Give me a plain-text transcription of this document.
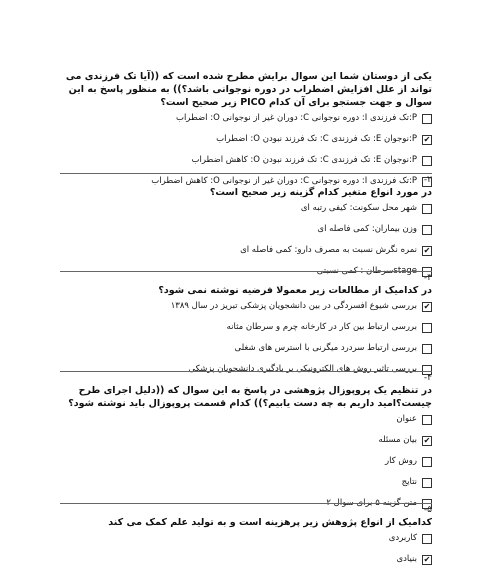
یکی از دوستان شما این سوال برایش مطرح شده است که ((آیا تک فرزندی می تواند از علل افزایش اضطراب در دوره نوجوانی باشد؟)) به منظور پاسخ به این سوال و جهت جستجو برای آن کدام PICO زیر صحیح است؟
P:تک فرزندی I: دوره نوجوانی C: دوران غیر از نوجوانی O: اضطراب
✔
P:نوجوان E: تک فرزندی C: تک فرزند نبودن O: اضطراب
P:نوجوان E: تک فرزندی C: تک فرزند نبودن O: کاهش اضطراب
P:تک فرزندی I: دوره نوجوانی C: دوران غیر از نوجوانی O: کاهش اضطراب -۲
در مورد انواع متغیر کدام گزینه زیر صحیح است؟
شهر محل سکونت: کیفی رتبه ای
وزن بیماران: کمی فاصله ای
✔
نمره نگرش نسبت به مصرف دارو: کمی فاصله ای
stageسرطان : کمی نسبتی
-۳
در کدامیک از مطالعات زیر معمولا فرضیه نوشته نمی شود؟
✔
بررسی شیوع افسردگی در بین دانشجویان پزشکی تبریز در سال ۱۳۸۹
بررسی ارتباط بین کار در کارخانه چرم و سرطان مثانه
بررسی ارتباط سردرد میگرنی با استرس های شغلی
بررسی تاثیر روش های الکترونیکی بر یادگیری دانشجویان پزشکی
-۴
در تنظیم یک پروپوزال پژوهشی در پاسخ به این سوال که ((دلیل اجرای طرح چیست؟امید داریم به چه دست یابیم؟)) کدام قسمت پروپوزال باید نوشته شود؟
عنوان
✔
بیان مسئله
روش کار
نتایج
متن گزینه ۵ برای سوال ۲
-۵
کدامیک از انواع پژوهش زیر پرهزینه است و به تولید علم کمک می کند
کاربردی
✔
بنیادی
